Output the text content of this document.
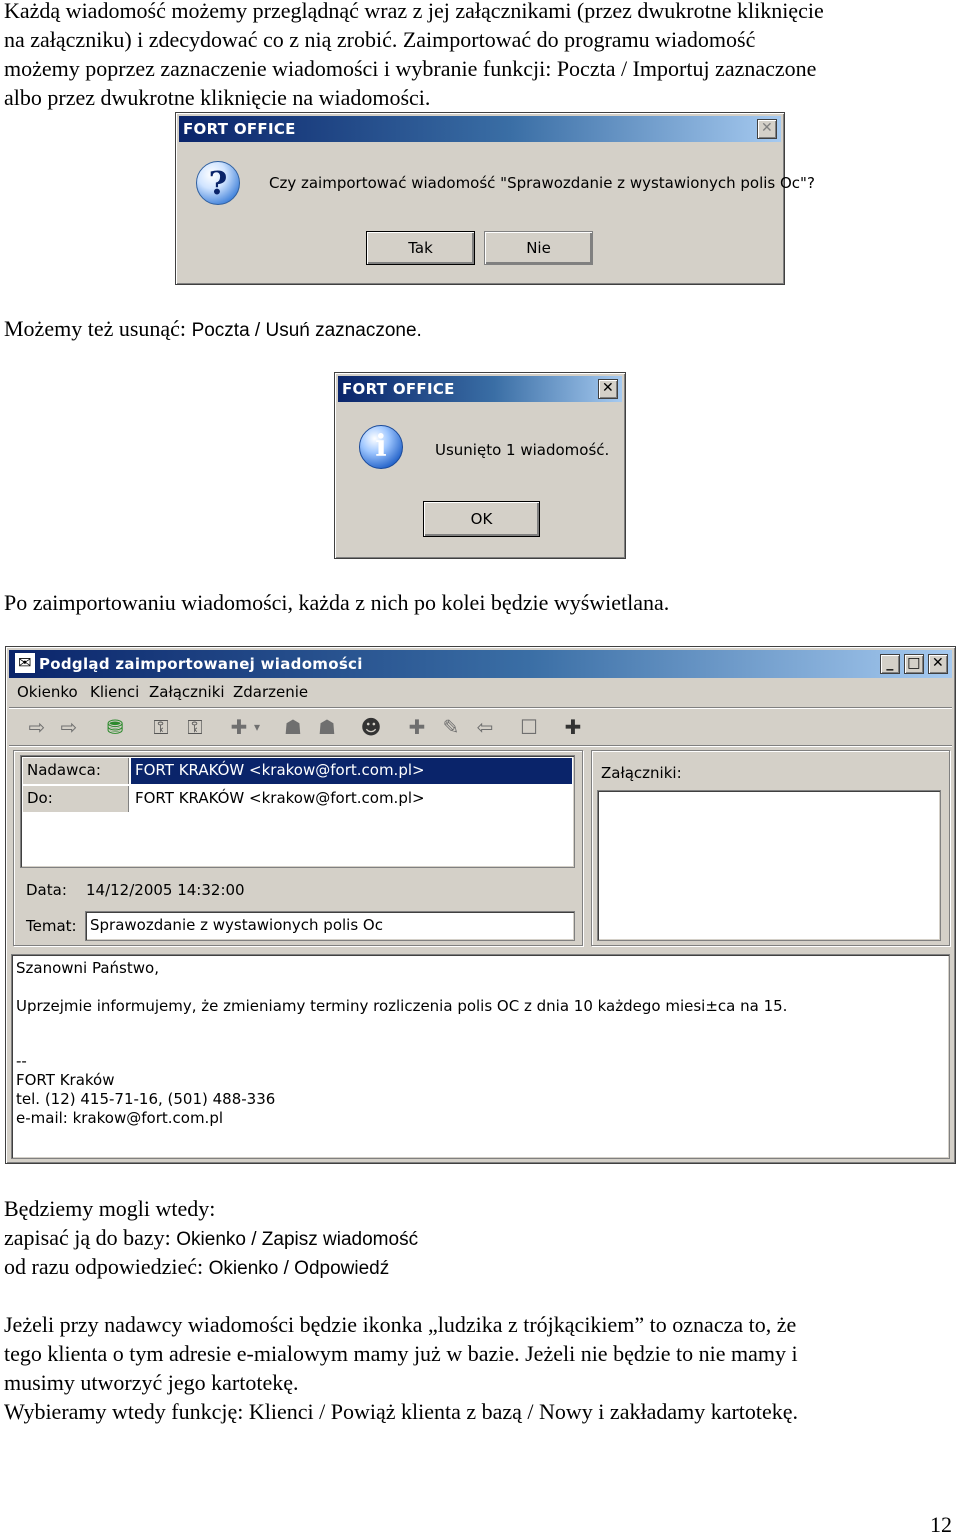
Każdą wiadomość możemy przeglądnąć wraz z jej załącznikami (przez dwukrotne kliknięcie
na załączniku) i zdecydować co z nią zrobić. Zaimportować do programu wiadomość
możemy poprzez zaznaczenie wiadomości i wybranie funkcji: Poczta / Importuj zaznaczone
albo przez dwukrotne kliknięcie na wiadomości.
FORT OFFICE	✕
?	Czy zaimportować wiadomość "Sprawozdanie z wystawionych polis Oc"?
Tak	Nie
Możemy też usunąć: Poczta / Usuń zaznaczone.
FORT OFFICE	✕
i	Usunięto 1 wiadomość.
OK
Po zaimportowaniu wiadomości, każda z nich po kolei będzie wyświetlana.
✉ Podgląd zaimportowanej wiadomości	_ □ ✕
Okienko Klienci Załączniki Zdarzenie
⇨ ⇨ ⛃ ⚿ ⚿ ✚ ▾ ☗ ☗ ☻ ✚ ✎ ⇦ ☐ ✚
Nadawca:	FORT KRAKÓW <krakow@fort.com.pl>
Do:	FORT KRAKÓW <krakow@fort.com.pl>
Data: 14/12/2005 14:32:00
Temat: Sprawozdanie z wystawionych polis Oc
Załączniki:
Szanowni Państwo,
Uprzejmie informujemy, że zmieniamy terminy rozliczenia polis OC z dnia 10 każdego miesi±ca na 15.
--
FORT Kraków
tel. (12) 415-71-16, (501) 488-336
e-mail: krakow@fort.com.pl
Będziemy mogli wtedy:
zapisać ją do bazy: Okienko / Zapisz wiadomość
od razu odpowiedzieć: Okienko / Odpowiedź
Jeżeli przy nadawcy wiadomości będzie ikonka „ludzika z trójkącikiem” to oznacza to, że
tego klienta o tym adresie e-mialowym mamy już w bazie. Jeżeli nie będzie to nie mamy i
musimy utworzyć jego kartotekę.
Wybieramy wtedy funkcję: Klienci / Powiąż klienta z bazą / Nowy i zakładamy kartotekę.
12
